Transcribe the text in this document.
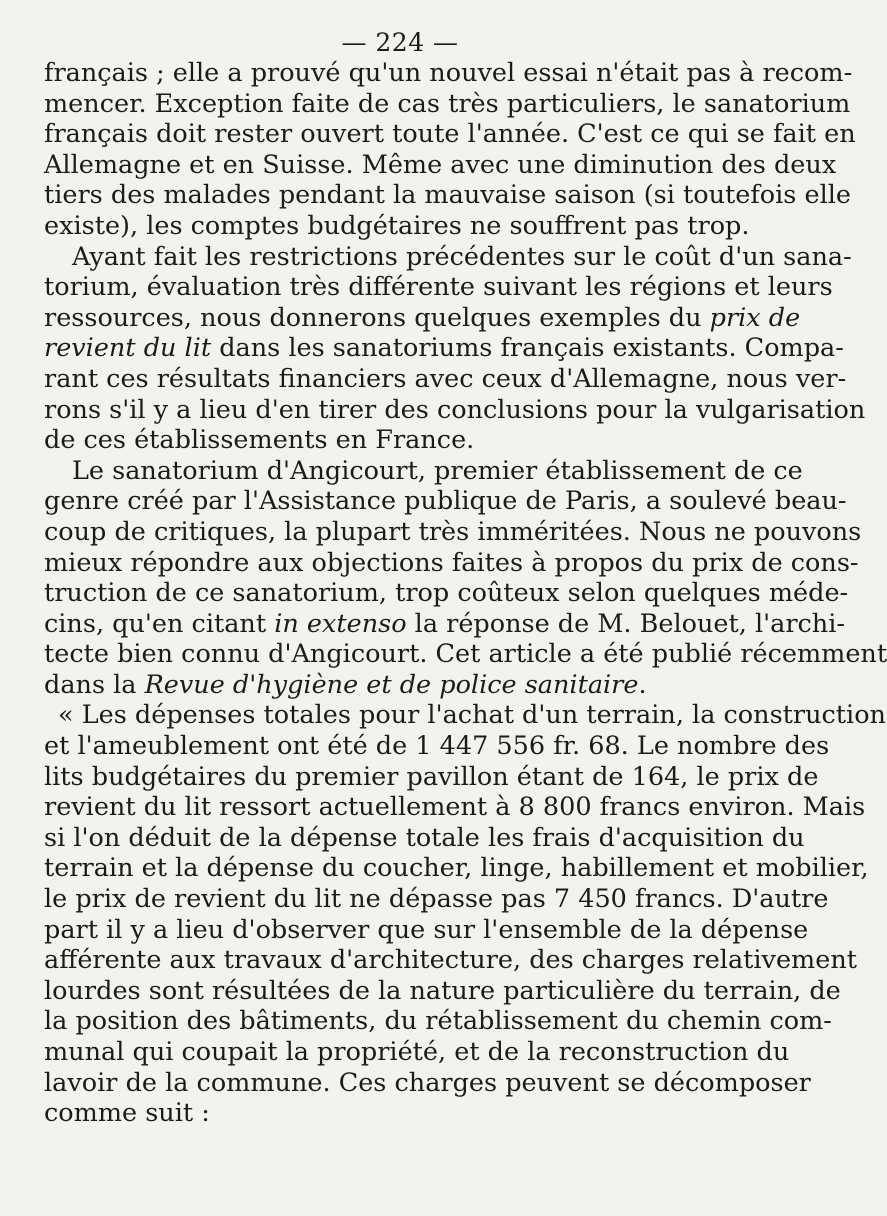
— 224 —
français ; elle a prouvé qu'un nouvel essai n'était pas à recom-
mencer. Exception faite de cas très particuliers, le sanatorium
français doit rester ouvert toute l'année. C'est ce qui se fait en
Allemagne et en Suisse. Même avec une diminution des deux
tiers des malades pendant la mauvaise saison (si toutefois elle
existe), les comptes budgétaires ne souffrent pas trop.
Ayant fait les restrictions précédentes sur le coût d'un sana-
torium, évaluation très différente suivant les régions et leurs
ressources, nous donnerons quelques exemples du prix de
revient du lit dans les sanatoriums français existants. Compa-
rant ces résultats financiers avec ceux d'Allemagne, nous ver-
rons s'il y a lieu d'en tirer des conclusions pour la vulgarisation
de ces établissements en France.
Le sanatorium d'Angicourt, premier établissement de ce
genre créé par l'Assistance publique de Paris, a soulevé beau-
coup de critiques, la plupart très imméritées. Nous ne pouvons
mieux répondre aux objections faites à propos du prix de cons-
truction de ce sanatorium, trop coûteux selon quelques méde-
cins, qu'en citant in extenso la réponse de M. Belouet, l'archi-
tecte bien connu d'Angicourt. Cet article a été publié récemment
dans la Revue d'hygiène et de police sanitaire.
« Les dépenses totales pour l'achat d'un terrain, la construction
et l'ameublement ont été de 1 447 556 fr. 68. Le nombre des
lits budgétaires du premier pavillon étant de 164, le prix de
revient du lit ressort actuellement à 8 800 francs environ. Mais
si l'on déduit de la dépense totale les frais d'acquisition du
terrain et la dépense du coucher, linge, habillement et mobilier,
le prix de revient du lit ne dépasse pas 7 450 francs. D'autre
part il y a lieu d'observer que sur l'ensemble de la dépense
afférente aux travaux d'architecture, des charges relativement
lourdes sont résultées de la nature particulière du terrain, de
la position des bâtiments, du rétablissement du chemin com-
munal qui coupait la propriété, et de la reconstruction du
lavoir de la commune. Ces charges peuvent se décomposer
comme suit :
